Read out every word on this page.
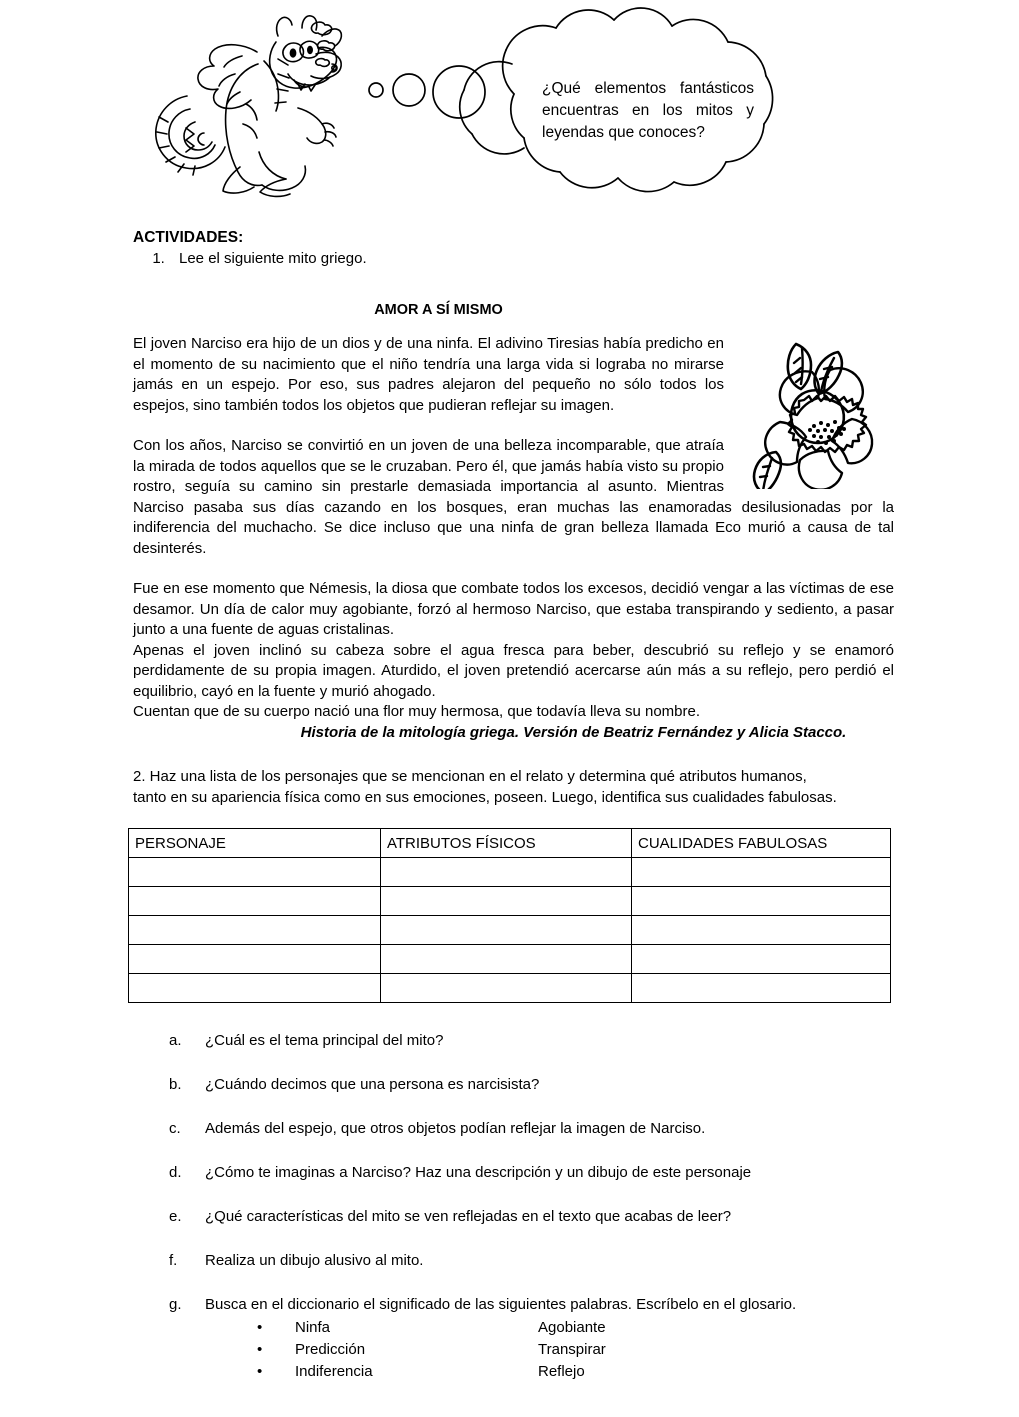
¿Qué elementos fantásticos encuentras en los mitos y leyendas que conoces?
ACTIVIDADES:
1. Lee el siguiente mito griego.
AMOR A SÍ MISMO

El joven Narciso era hijo de un dios y de una ninfa. El adivino Tiresias había predicho en el momento de su nacimiento que el niño tendría una larga vida si lograba no mirarse jamás en un espejo. Por eso, sus padres alejaron del pequeño no sólo todos los espejos, sino también todos los objetos que pudieran reflejar su imagen.

Con los años, Narciso se convirtió en un joven de una belleza incomparable, que atraía la mirada de todos aquellos que se le cruzaban. Pero él, que jamás había visto su propio rostro, seguía su camino sin prestarle demasiada importancia al asunto. Mientras Narciso pasaba sus días cazando en los bosques, eran muchas las enamoradas desilusionadas por la indiferencia del muchacho. Se dice incluso que una ninfa de gran belleza llamada Eco murió a causa de tal desinterés.

Fue en ese momento que Némesis, la diosa que combate todos los excesos, decidió vengar a las víctimas de ese desamor. Un día de calor muy agobiante, forzó al hermoso Narciso, que estaba transpirando y sediento, a pasar junto a una fuente de aguas cristalinas.

Apenas el joven inclinó su cabeza sobre el agua fresca para beber, descubrió su reflejo y se enamoró perdidamente de su propia imagen. Aturdido, el joven pretendió acercarse aún más a su reflejo, pero perdió el equilibrio, cayó en la fuente y murió ahogado.

Cuentan que de su cuerpo nació una flor muy hermosa, que todavía lleva su nombre.

Historia de la mitología griega. Versión de Beatriz Fernández y Alicia Stacco.

2. Haz una lista de los personajes que se mencionan en el relato y determina qué atributos humanos, tanto en su apariencia física como en sus emociones, poseen. Luego, identifica sus cualidades fabulosas.

PERSONAJE	ATRIBUTOS FÍSICOS	CUALIDADES FABULOSAS

a.	¿Cuál es el tema principal del mito?
b.	¿Cuándo decimos que una persona es narcisista?
c.	Además del espejo, que otros objetos podían reflejar la imagen de Narciso.
d.	¿Cómo te imaginas a Narciso? Haz una descripción y un dibujo de este personaje
e.	¿Qué características del mito se ven reflejadas en el texto que acabas de leer?
f.	Realiza un dibujo alusivo al mito.
g.	Busca en el diccionario el significado de las siguientes palabras. Escríbelo en el glosario.
• Ninfa	Agobiante
• Predicción	Transpirar
• Indiferencia	Reflejo
